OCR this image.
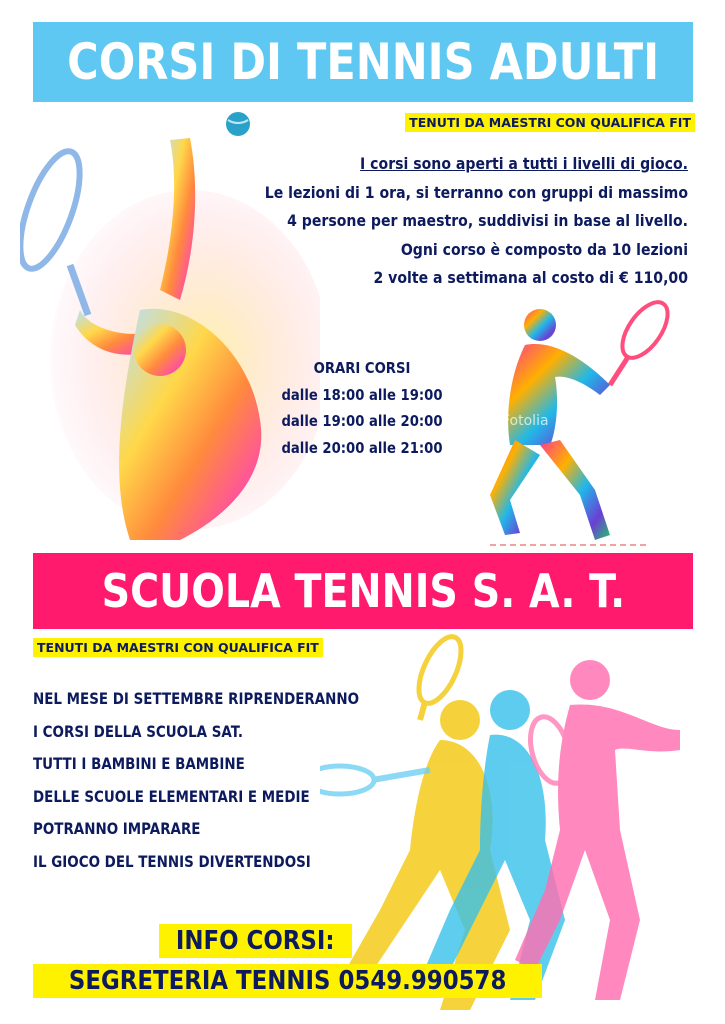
Fotolia
CORSI DI TENNIS ADULTI
TENUTI DA MAESTRI CON QUALIFICA FIT
I corsi sono aperti a tutti i livelli di gioco.
Le lezioni di 1 ora, si terranno con gruppi di massimo
4 persone per maestro, suddivisi in base al livello.
Ogni corso è composto da 10 lezioni
2 volte a settimana al costo di € 110,00
ORARI CORSI
dalle 18:00 alle 19:00
dalle 19:00 alle 20:00
dalle 20:00 alle 21:00
SCUOLA TENNIS S. A. T.
TENUTI DA MAESTRI CON QUALIFICA FIT
NEL MESE DI SETTEMBRE RIPRENDERANNO
I CORSI DELLA SCUOLA SAT.
TUTTI I BAMBINI E BAMBINE
DELLE SCUOLE ELEMENTARI E MEDIE
POTRANNO IMPARARE
IL GIOCO DEL TENNIS DIVERTENDOSI
INFO CORSI:
SEGRETERIA TENNIS 0549.990578
